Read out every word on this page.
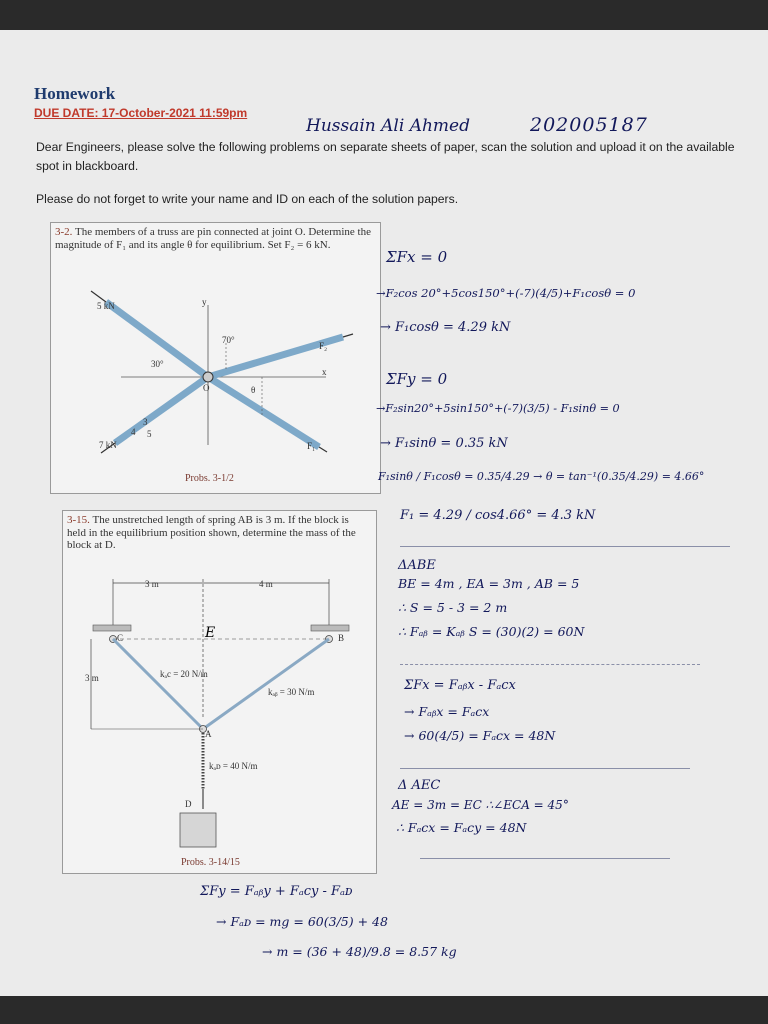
Homework
DUE DATE: 17-October-2021 11:59pm
Hussain Ali Ahmed	202005187
Dear Engineers, please solve the following problems on separate sheets of paper, scan the solution and upload it on the available spot in blackboard.
Please do not forget to write your name and ID on each of the solution papers.
3-2. The members of a truss are pin connected at joint O. Determine the magnitude of F₁ and its angle θ for equilibrium. Set F₂ = 6 kN.
5 kN
7 kN
70°
30°
F₂
F₁
x
y
O	θ
3
4 5
Probs. 3-1/2
3-15. The unstretched length of spring AB is 3 m. If the block is held in the equilibrium position shown, determine the mass of the block at D.
3 m	4 m
3 m	kₐc = 20 N/m
kₐᵦ = 30 N/m
kₐᴅ = 40 N/m
A
B
C
D
E
Probs. 3-14/15
ΣFx = 0
→F₂cos 20°+5cos150°+(-7)(4/5)+F₁cosθ = 0
→ F₁cosθ = 4.29 kN
ΣFy = 0
→F₂sin20°+5sin150°+(-7)(3/5) - F₁sinθ = 0
→ F₁sinθ = 0.35 kN
F₁sinθ / F₁cosθ = 0.35/4.29 → θ = tan⁻¹(0.35/4.29) = 4.66°
F₁ = 4.29 / cos4.66° = 4.3 kN
ΔABE
BE = 4m , EA = 3m , AB = 5
∴ S = 5 - 3 = 2 m
∴ Fₐᵦ = Kₐᵦ S = (30)(2) = 60N
ΣFx = Fₐᵦx - Fₐcx
→ Fₐᵦx = Fₐcx
→ 60(4/5) = Fₐcx = 48N
Δ AEC
AE = 3m = EC ∴∠ECA = 45°
∴ Fₐcx = Fₐcy = 48N
ΣFy = Fₐᵦy + Fₐcy - Fₐᴅ
→ Fₐᴅ = mg = 60(3/5) + 48
→ m = (36 + 48)/9.8 = 8.57 kg
